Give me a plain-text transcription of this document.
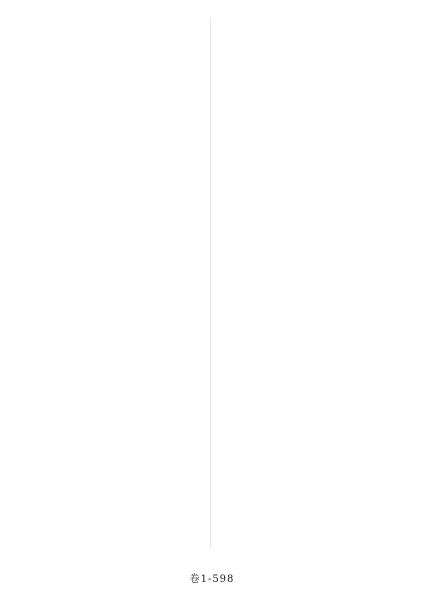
卷1-598
